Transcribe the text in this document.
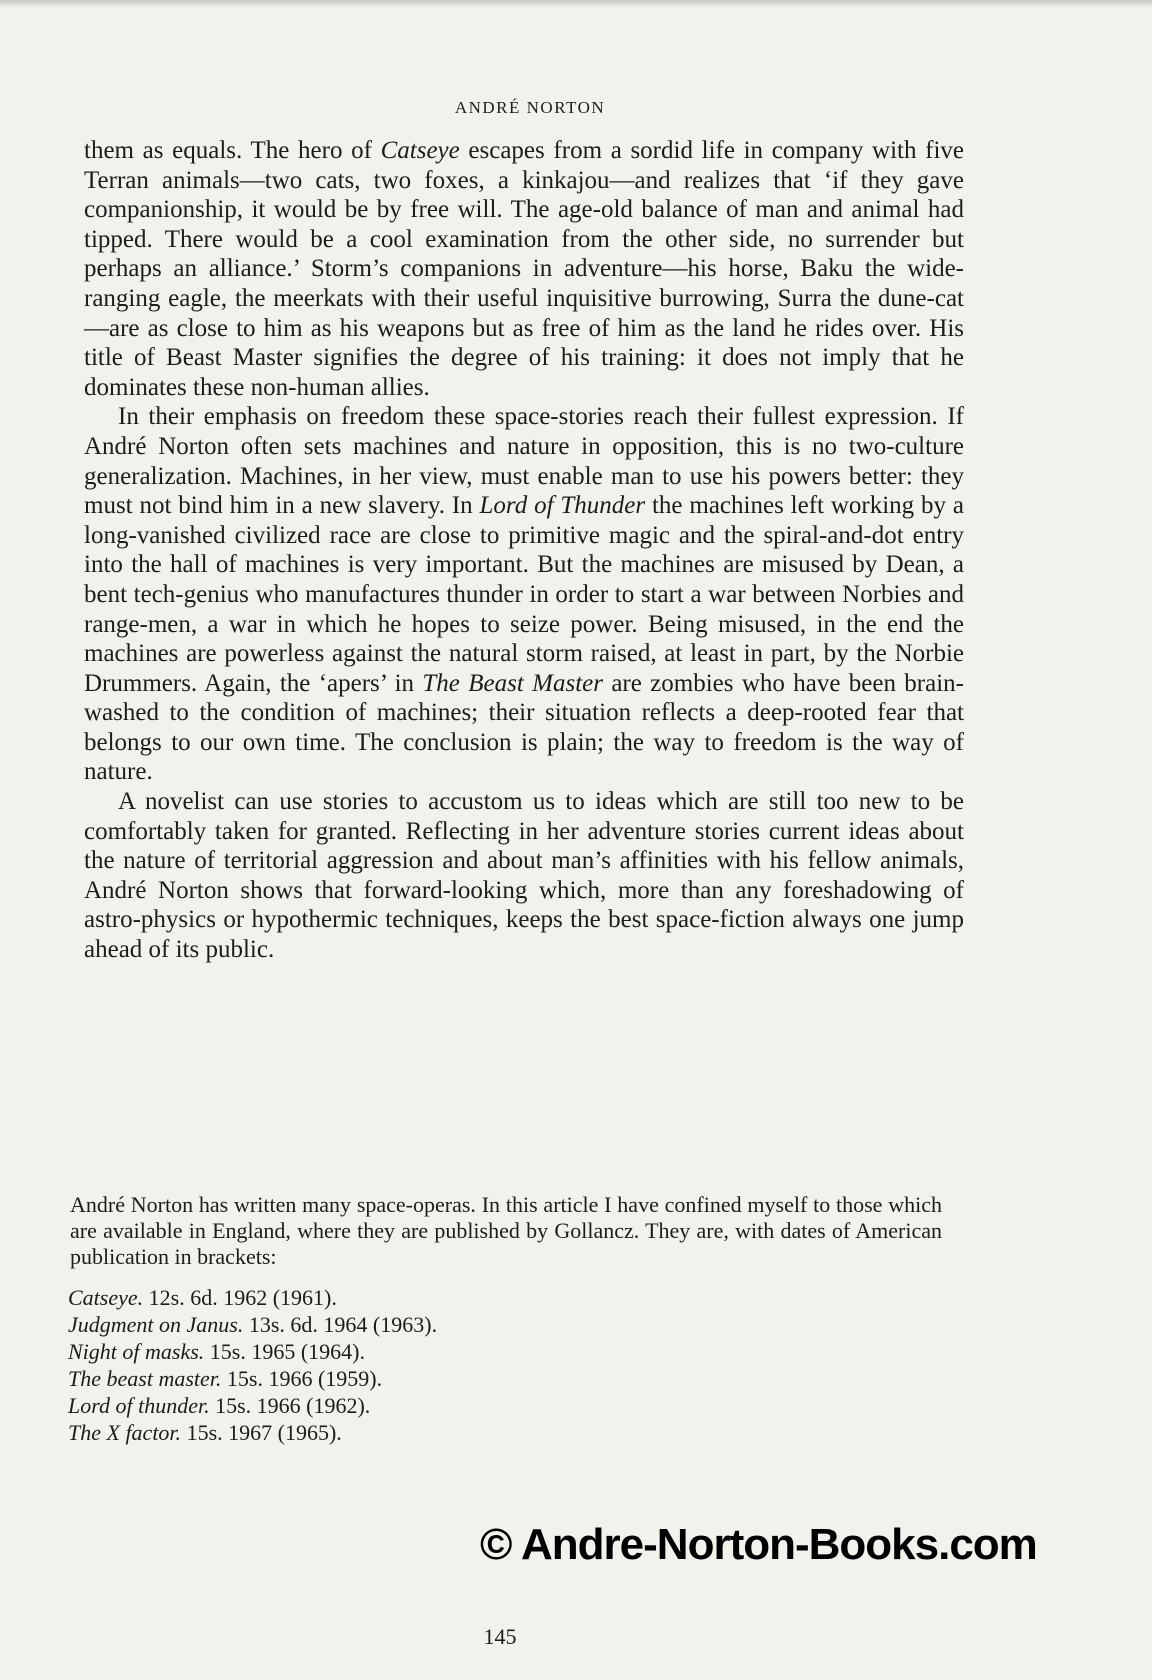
ANDRÉ NORTON

them as equals. The hero of Catseye escapes from a sordid life in company with five Terran animals—two cats, two foxes, a kinkajou—and realizes that ‘if they gave companionship, it would be by free will. The age-old balance of man and animal had tipped. There would be a cool examination from the other side, no surrender but perhaps an alliance.’ Storm’s companions in adventure—his horse, Baku the wide-ranging eagle, the meerkats with their useful inquisitive burrowing, Surra the dune-cat—are as close to him as his weapons but as free of him as the land he rides over. His title of Beast Master signifies the degree of his training: it does not imply that he dominates these non-human allies.

In their emphasis on freedom these space-stories reach their fullest expression. If André Norton often sets machines and nature in opposition, this is no two-culture generalization. Machines, in her view, must enable man to use his powers better: they must not bind him in a new slavery. In Lord of Thunder the machines left working by a long-vanished civilized race are close to primitive magic and the spiral-and-dot entry into the hall of machines is very important. But the machines are misused by Dean, a bent tech-genius who manufactures thunder in order to start a war between Norbies and range-men, a war in which he hopes to seize power. Being misused, in the end the machines are powerless against the natural storm raised, at least in part, by the Norbie Drummers. Again, the ‘apers’ in The Beast Master are zombies who have been brain-washed to the condition of machines; their situation reflects a deep-rooted fear that belongs to our own time. The conclusion is plain; the way to freedom is the way of nature.

A novelist can use stories to accustom us to ideas which are still too new to be comfortably taken for granted. Reflecting in her adventure stories current ideas about the nature of territorial aggression and about man’s affinities with his fellow animals, André Norton shows that forward-looking which, more than any foreshadowing of astro-physics or hypothermic techniques, keeps the best space-fiction always one jump ahead of its public.

André Norton has written many space-operas. In this article I have confined myself to those which are available in England, where they are published by Gollancz. They are, with dates of American publication in brackets:

Catseye. 12s. 6d. 1962 (1961).
Judgment on Janus. 13s. 6d. 1964 (1963).
Night of masks. 15s. 1965 (1964).
The beast master. 15s. 1966 (1959).
Lord of thunder. 15s. 1966 (1962).
The X factor. 15s. 1967 (1965).
© Andre-Norton-Books.com
145
